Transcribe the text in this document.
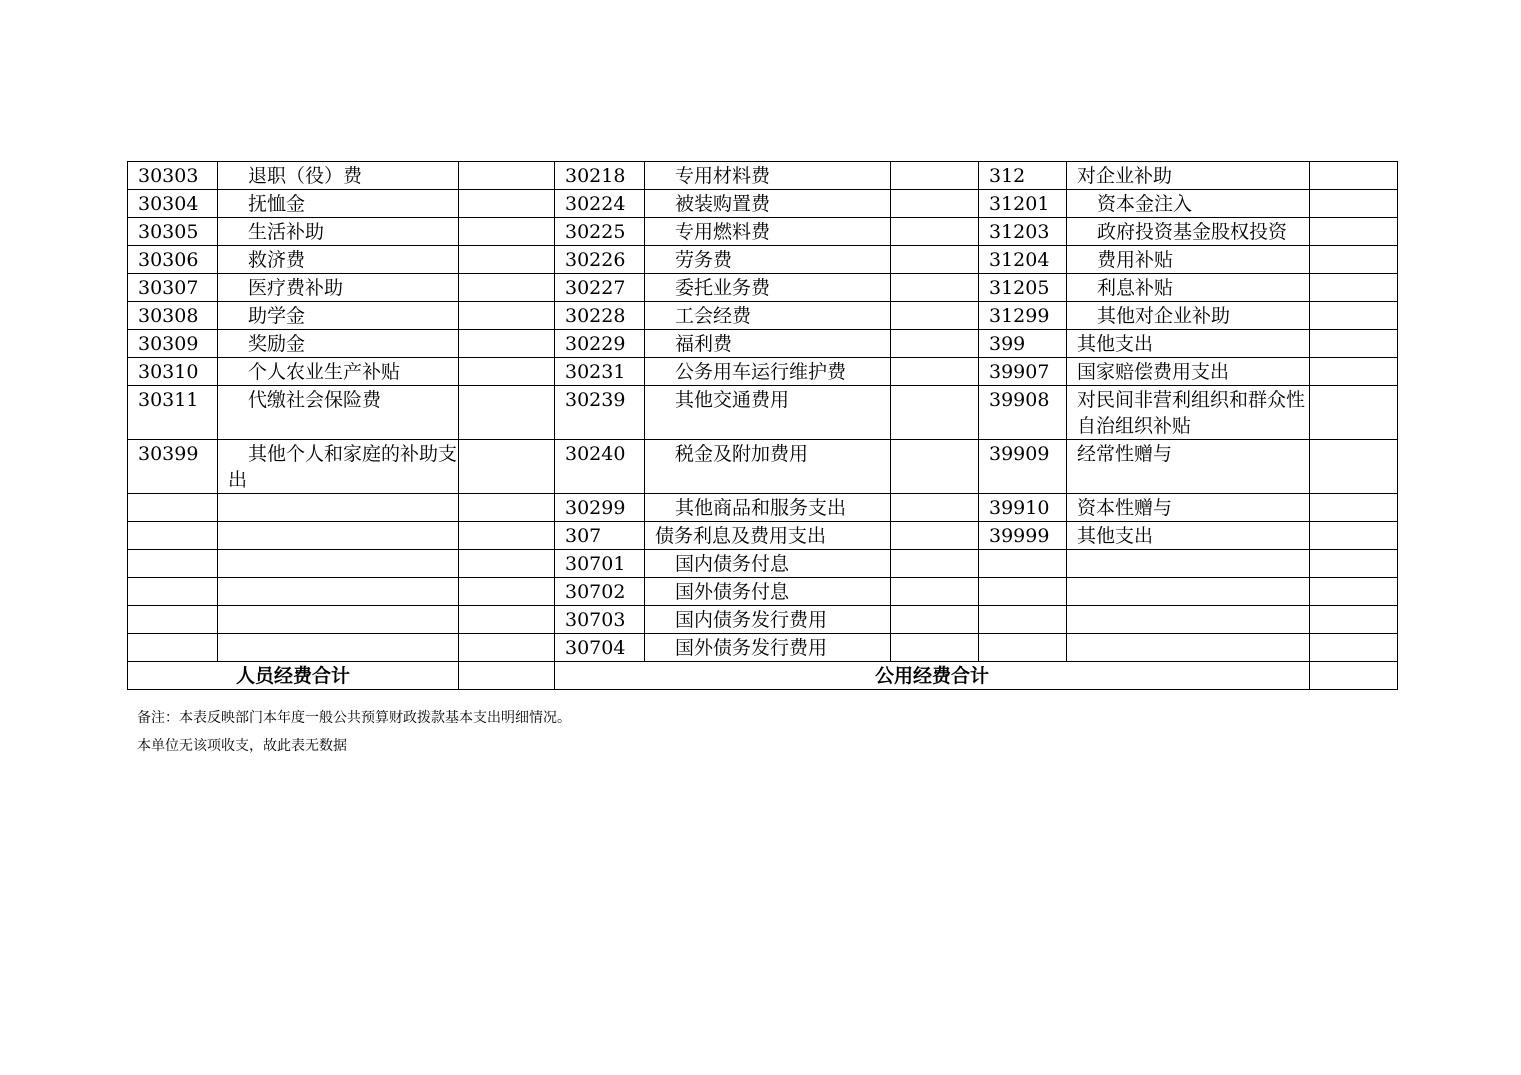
30303	退职（役）费		30218	专用材料费		312	对企业补助	
30304	抚恤金		30224	被装购置费		31201	资本金注入	
30305	生活补助		30225	专用燃料费		31203	政府投资基金股权投资	
30306	救济费		30226	劳务费		31204	费用补贴	
30307	医疗费补助		30227	委托业务费		31205	利息补贴	
30308	助学金		30228	工会经费		31299	其他对企业补助	
30309	奖励金		30229	福利费		399	其他支出	
30310	个人农业生产补贴		30231	公务用车运行维护费		39907	国家赔偿费用支出	
30311	代缴社会保险费		30239	其他交通费用		39908	对民间非营利组织和群众性自治组织补贴	
30399	其他个人和家庭的补助支出		30240	税金及附加费用		39909	经常性赠与	
			30299	其他商品和服务支出		39910	资本性赠与	
			307	债务利息及费用支出		39999	其他支出	
			30701	国内债务付息				
			30702	国外债务付息				
			30703	国内债务发行费用				
			30704	国外债务发行费用				
人员经费合计			公用经费合计					
备注：本表反映部门本年度一般公共预算财政拨款基本支出明细情况。
本单位无该项收支，故此表无数据
